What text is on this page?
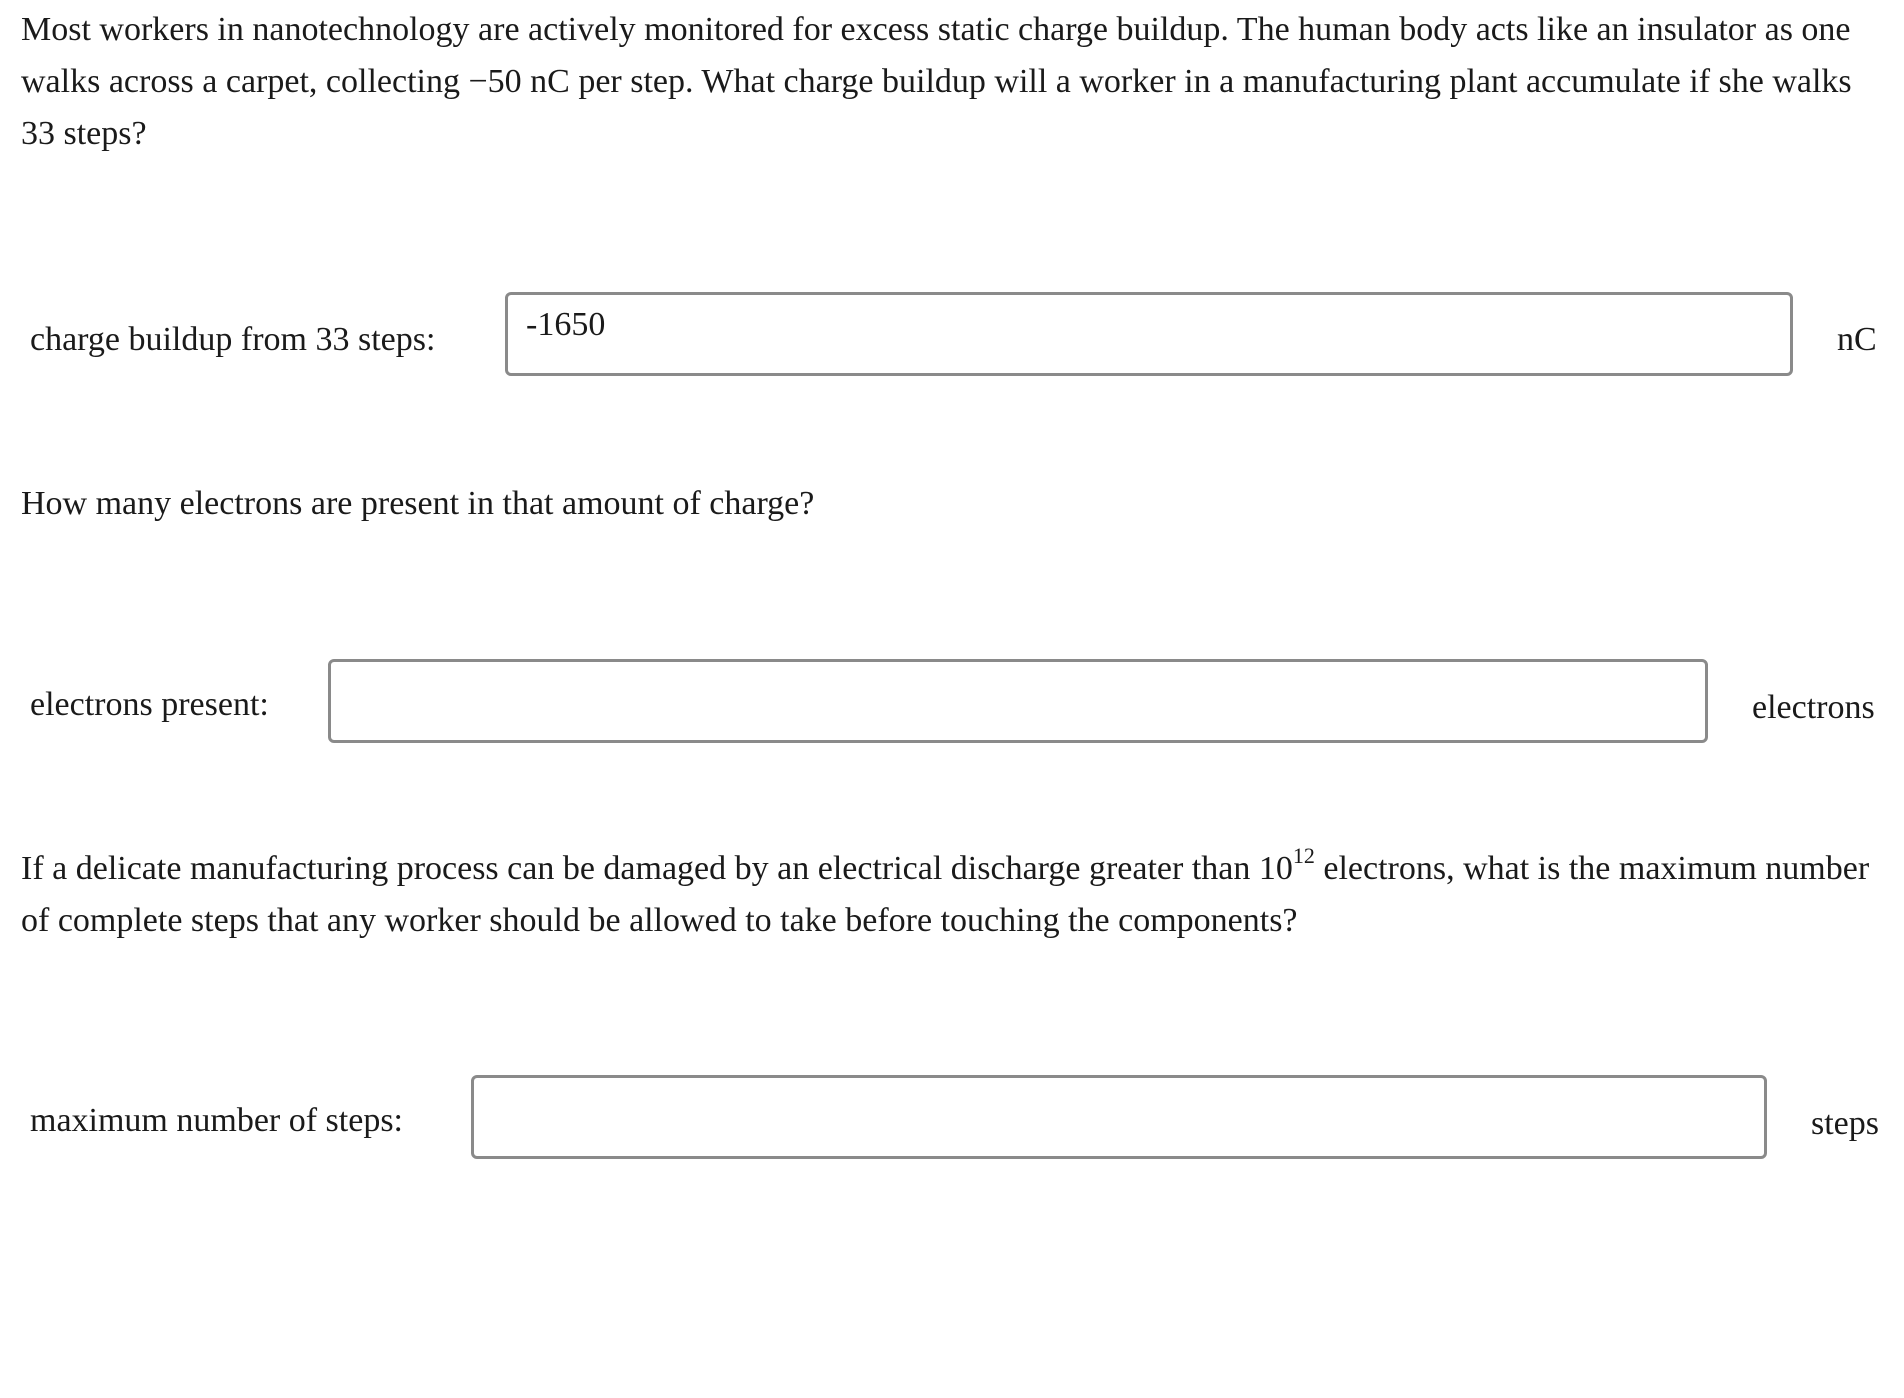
Most workers in nanotechnology are actively monitored for excess static charge buildup. The human body acts like an insulator as one walks across a carpet, collecting −50 nC per step. What charge buildup will a worker in a manufacturing plant accumulate if she walks 33 steps?

charge buildup from 33 steps:
-1650	nC

How many electrons are present in that amount of charge?

electrons present:	electrons

If a delicate manufacturing process can be damaged by an electrical discharge greater than $10^{12}$ electrons, what is the maximum number of complete steps that any worker should be allowed to take before touching the components?

maximum number of steps:	steps
